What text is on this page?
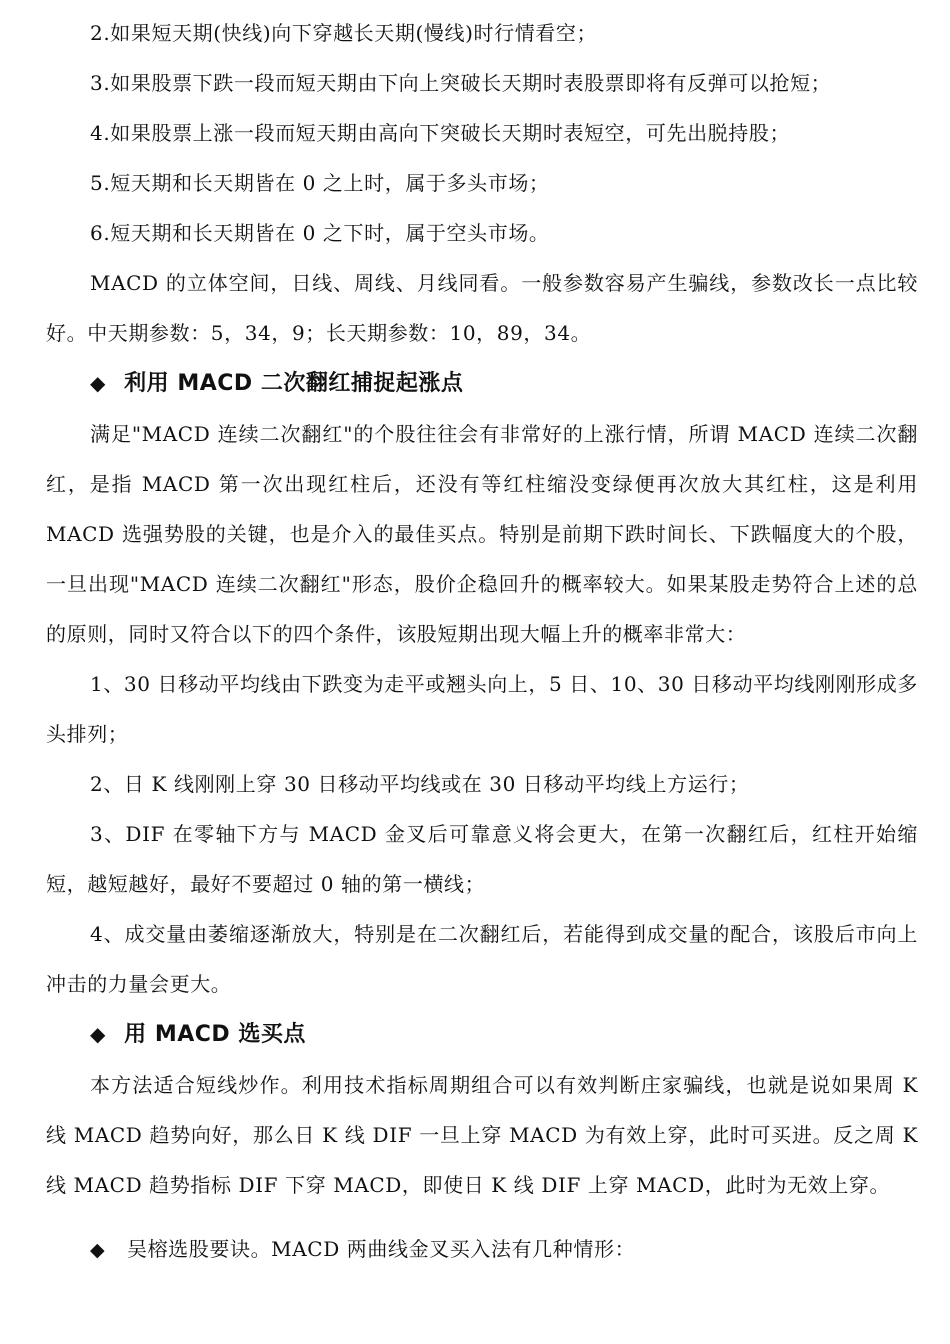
2.如果短天期(快线)向下穿越长天期(慢线)时行情看空；

3.如果股票下跌一段而短天期由下向上突破长天期时表股票即将有反弹可以抢短；

4.如果股票上涨一段而短天期由高向下突破长天期时表短空，可先出脱持股；

5.短天期和长天期皆在 0 之上时，属于多头市场；

6.短天期和长天期皆在 0 之下时，属于空头市场。

MACD 的立体空间，日线、周线、月线同看。一般参数容易产生骗线，参数改长一点比较好。中天期参数：5，34，9；长天期参数：10，89，34。

◆ 利用 MACD 二次翻红捕捉起涨点

满足"MACD 连续二次翻红"的个股往往会有非常好的上涨行情，所谓 MACD 连续二次翻红，是指 MACD 第一次出现红柱后，还没有等红柱缩没变绿便再次放大其红柱，这是利用 MACD 选强势股的关键，也是介入的最佳买点。特别是前期下跌时间长、下跌幅度大的个股，一旦出现"MACD 连续二次翻红"形态，股价企稳回升的概率较大。如果某股走势符合上述的总的原则，同时又符合以下的四个条件，该股短期出现大幅上升的概率非常大：

1、30 日移动平均线由下跌变为走平或翘头向上，5 日、10、30 日移动平均线刚刚形成多头排列；

2、日 K 线刚刚上穿 30 日移动平均线或在 30 日移动平均线上方运行；

3、DIF 在零轴下方与 MACD 金叉后可靠意义将会更大，在第一次翻红后，红柱开始缩短，越短越好，最好不要超过 0 轴的第一横线；

4、成交量由萎缩逐渐放大，特别是在二次翻红后，若能得到成交量的配合，该股后市向上冲击的力量会更大。

◆ 用 MACD 选买点

本方法适合短线炒作。利用技术指标周期组合可以有效判断庄家骗线，也就是说如果周 K 线 MACD 趋势向好，那么日 K 线 DIF 一旦上穿 MACD 为有效上穿，此时可买进。反之周 K 线 MACD 趋势指标 DIF 下穿 MACD，即使日 K 线 DIF 上穿 MACD，此时为无效上穿。

◆ 吴榕选股要诀。MACD 两曲线金叉买入法有几种情形：
